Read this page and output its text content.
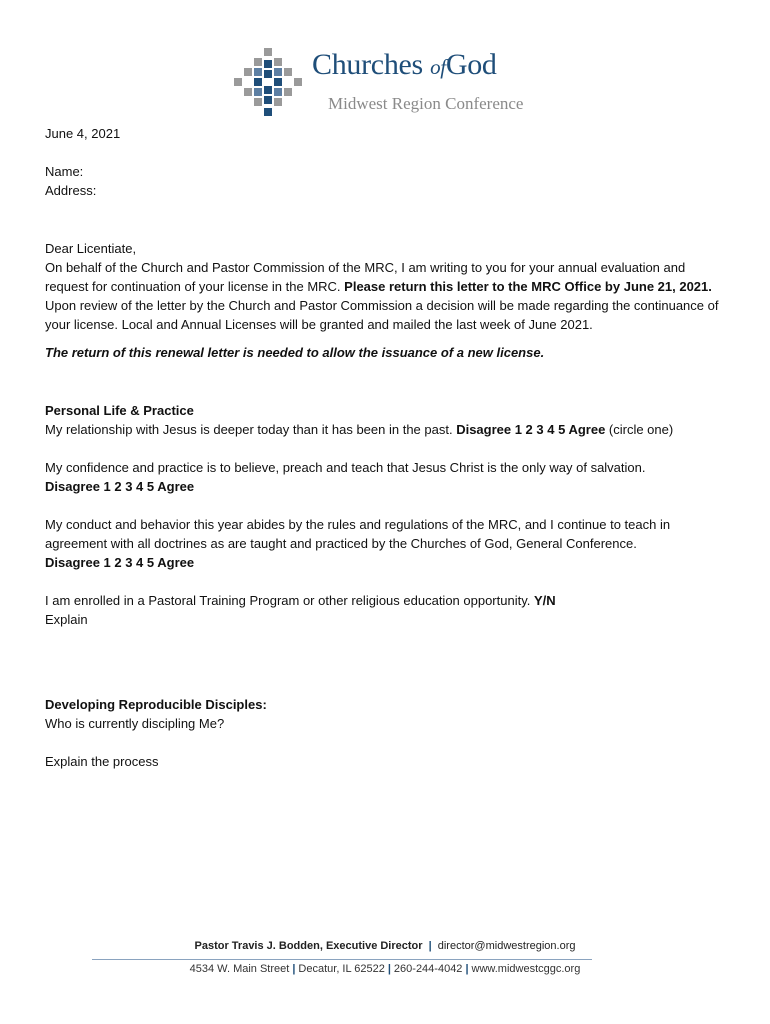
Churches ofGod
Midwest Region Conference
June 4, 2021
Name:
Address:
Dear Licentiate,
On behalf of the Church and Pastor Commission of the MRC, I am writing to you for your annual evaluation and request for continuation of your license in the MRC. Please return this letter to the MRC Office by June 21, 2021. Upon review of the letter by the Church and Pastor Commission a decision will be made regarding the continuance of your license. Local and Annual Licenses will be granted and mailed the last week of June 2021.
The return of this renewal letter is needed to allow the issuance of a new license.
Personal Life & Practice
My relationship with Jesus is deeper today than it has been in the past. Disagree 1 2 3 4 5 Agree (circle one)
My confidence and practice is to believe, preach and teach that Jesus Christ is the only way of salvation.
Disagree 1 2 3 4 5 Agree
My conduct and behavior this year abides by the rules and regulations of the MRC, and I continue to teach in agreement with all doctrines as are taught and practiced by the Churches of God, General Conference.
Disagree 1 2 3 4 5 Agree
I am enrolled in a Pastoral Training Program or other religious education opportunity. Y/N
Explain
Developing Reproducible Disciples:
Who is currently discipling Me?
Explain the process
Pastor Travis J. Bodden, Executive Director | director@midwestregion.org
4534 W. Main Street | Decatur, IL 62522 | 260-244-4042 | www.midwestcggc.org
